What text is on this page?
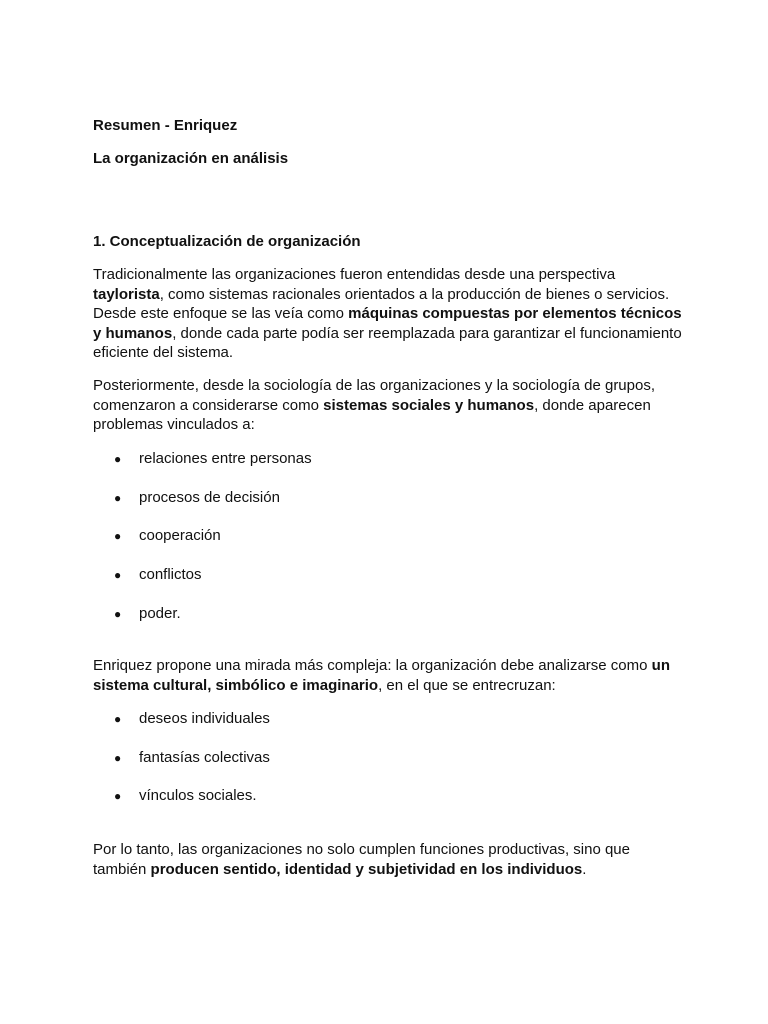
Resumen - Enriquez

La organización en análisis

1. Conceptualización de organización

Tradicionalmente las organizaciones fueron entendidas desde una perspectiva taylorista, como sistemas racionales orientados a la producción de bienes o servicios. Desde este enfoque se las veía como máquinas compuestas por elementos técnicos y humanos, donde cada parte podía ser reemplazada para garantizar el funcionamiento eficiente del sistema.

Posteriormente, desde la sociología de las organizaciones y la sociología de grupos, comenzaron a considerarse como sistemas sociales y humanos, donde aparecen problemas vinculados a:

● relaciones entre personas
● procesos de decisión
● cooperación
● conflictos
● poder.

Enriquez propone una mirada más compleja: la organización debe analizarse como un sistema cultural, simbólico e imaginario, en el que se entrecruzan:

● deseos individuales
● fantasías colectivas
● vínculos sociales.

Por lo tanto, las organizaciones no solo cumplen funciones productivas, sino que también producen sentido, identidad y subjetividad en los individuos.
